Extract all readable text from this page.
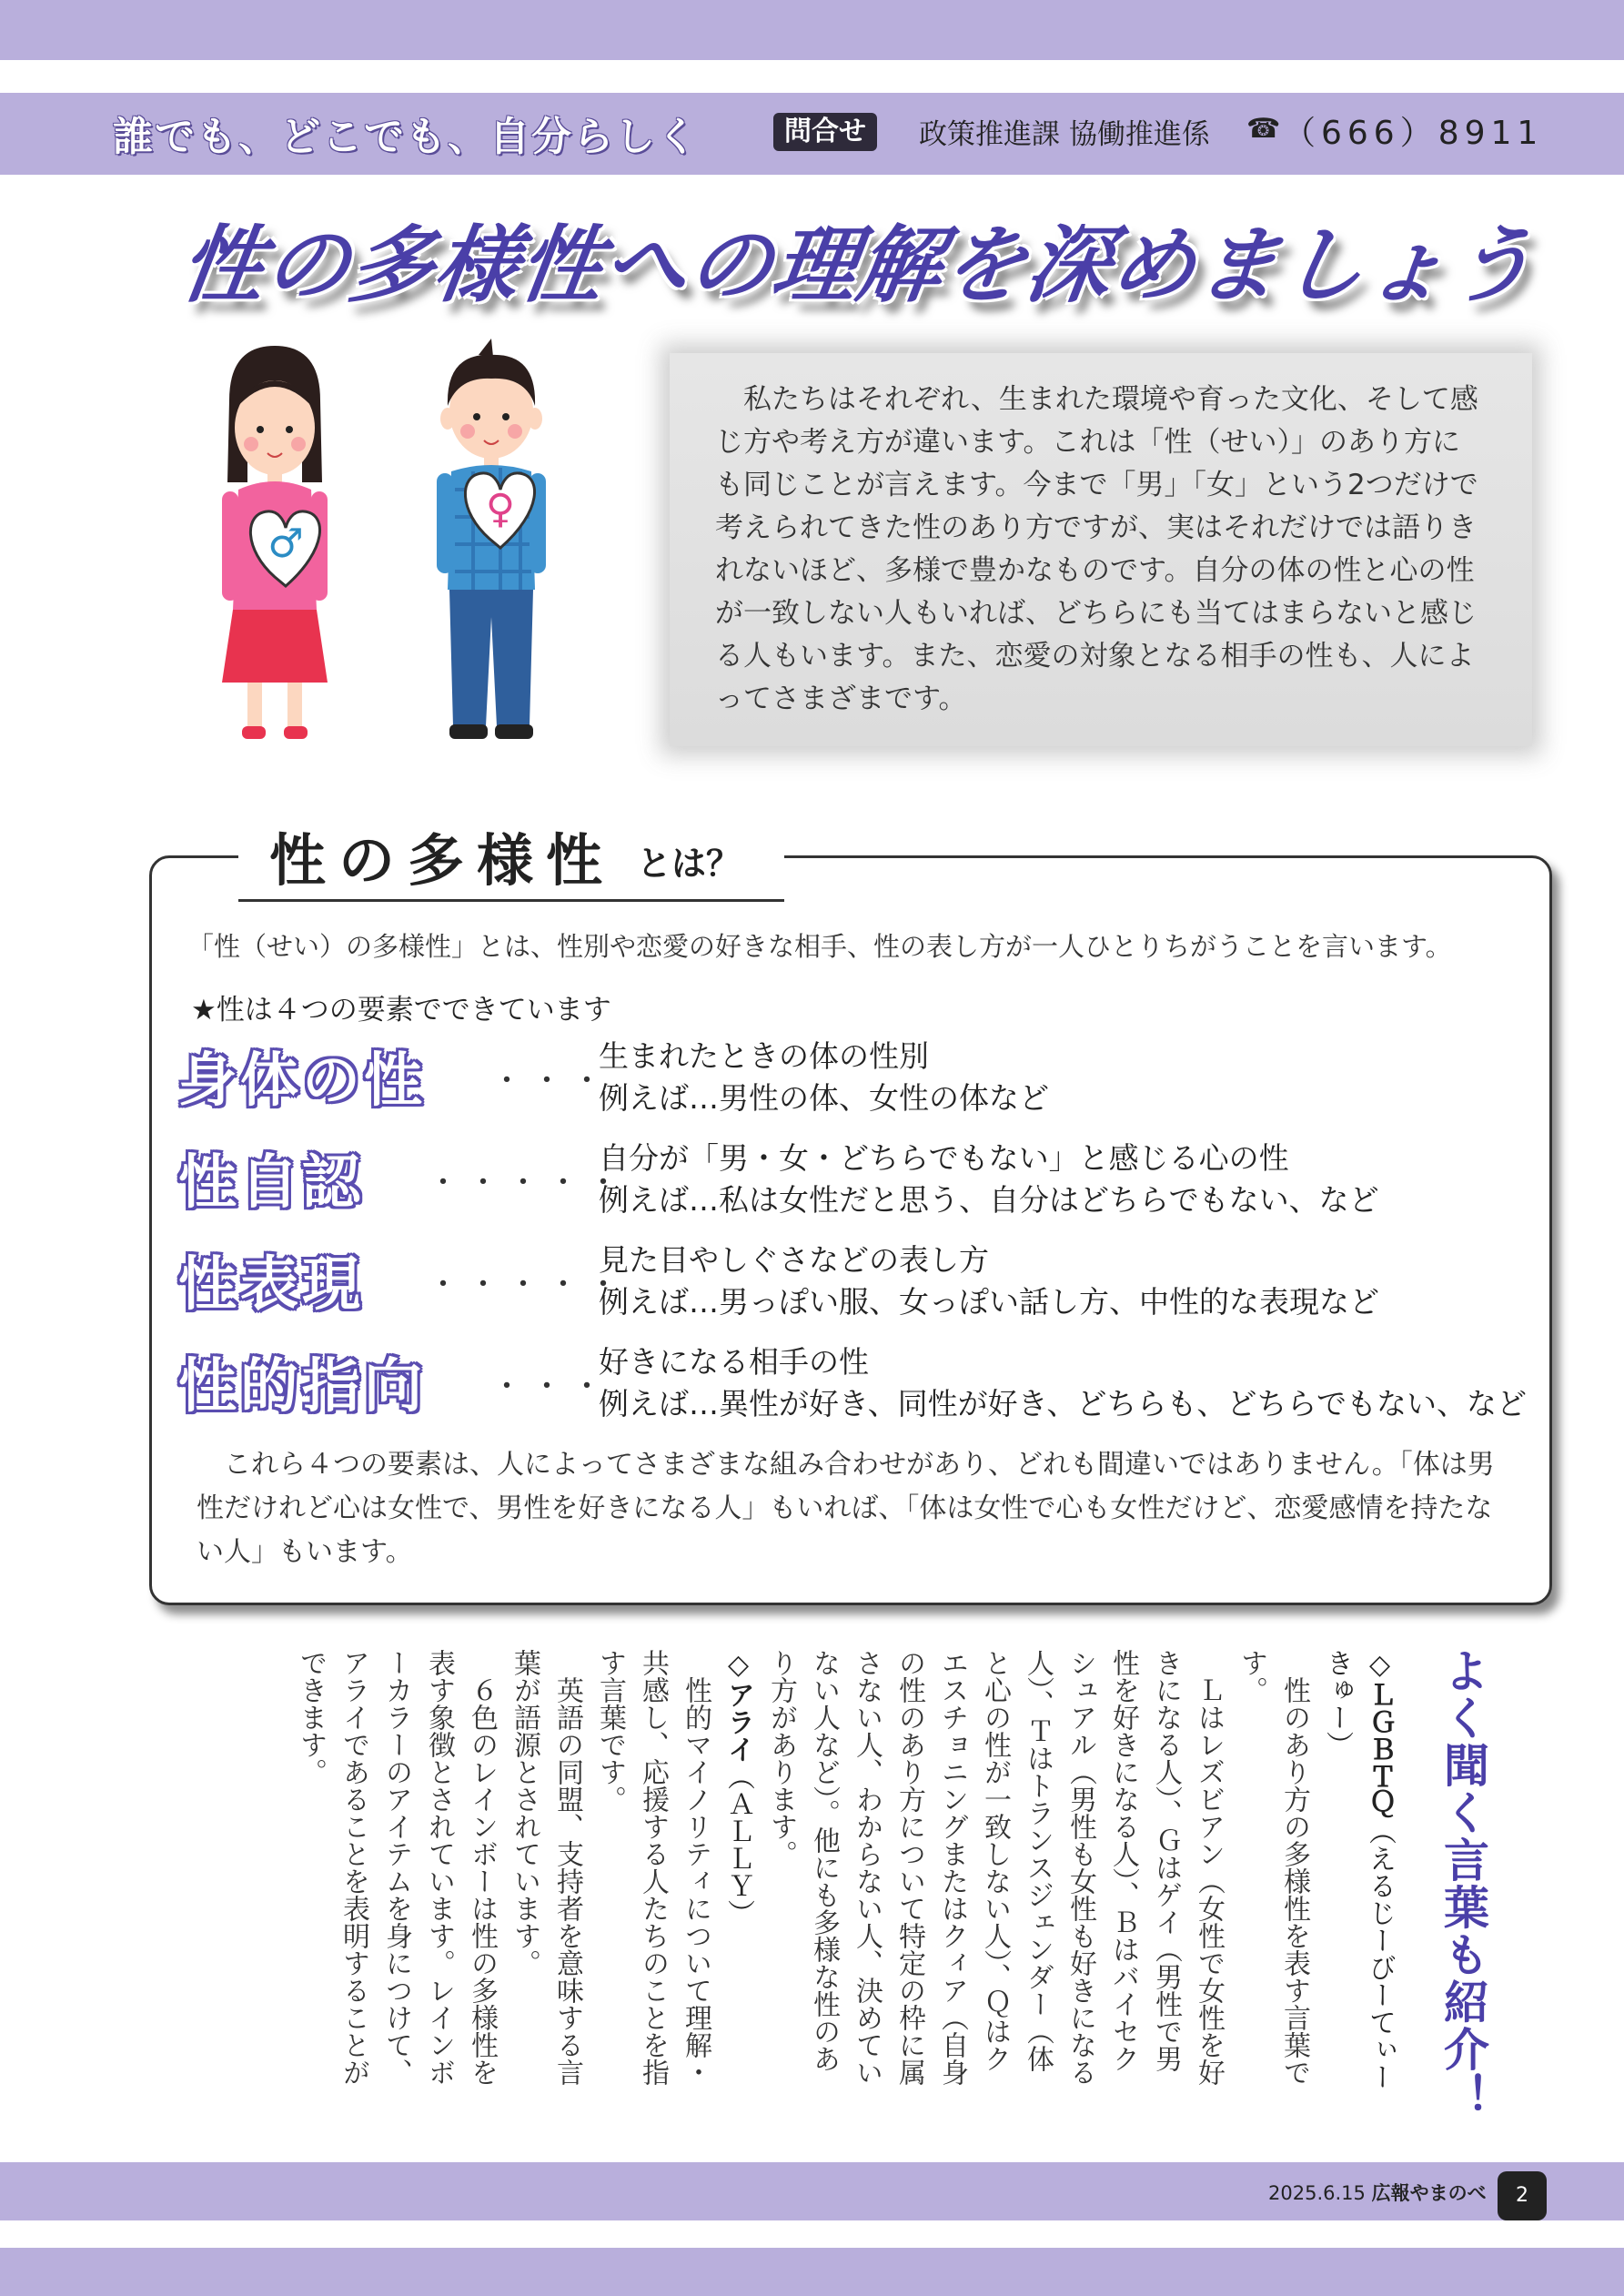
誰でも、どこでも、自分らしく	問合せ	政策推進課 協働推進係 ☎ （666）8911
性の多様性への理解を深めましょう
♂
♀

私たちはそれぞれ、生まれた環境や育った文化、そして感じ方や考え方が違います。これは「性（せい）」のあり方にも同じことが言えます。今まで「男」「女」という2つだけで考えられてきた性のあり方ですが、実はそれだけでは語りきれないほど、多様で豊かなものです。自分の体の性と心の性が一致しない人もいれば、どちらにも当てはまらないと感じる人もいます。また、恋愛の対象となる相手の性も、人によってさまざまです。

性の多様性 とは？
「性（せい）の多様性」とは、性別や恋愛の好きな相手、性の表し方が一人ひとりちがうことを言います。
★性は４つの要素でできています
身体の性 ・・・
生まれたときの体の性別
例えば…男性の体、女性の体など
性自認 ・・・・・
自分が「男・女・どちらでもない」と感じる心の性
例えば…私は女性だと思う、自分はどちらでもない、など
性表現 ・・・・・
見た目やしぐさなどの表し方
例えば…男っぽい服、女っぽい話し方、中性的な表現など
性的指向 ・・・
好きになる相手の性
例えば…異性が好き、同性が好き、どちらも、どちらでもない、など

これら４つの要素は、人によってさまざまな組み合わせがあり、どれも間違いではありません。「体は男性だけれど心は女性で、男性を好きになる人」もいれば、「体は女性で心も女性だけど、恋愛感情を持たない人」もいます。

よく聞く言葉も紹介！

◇ＬＧＢＴＱ（えるじーびーてぃーきゅー）

性のあり方の多様性を表す言葉です。

Ｌはレズビアン（女性で女性を好きになる人）、Ｇはゲイ（男性で男性を好きになる人）、Ｂはバイセクシュアル（男性も女性も好きになる人）、Ｔはトランスジェンダー（体と心の性が一致しない人）、Ｑはクエスチョニングまたはクィア（自身の性のあり方について特定の枠に属さない人、わからない人、決めていない人など）。他にも多様な性のあり方があります。

◇アライ（ＡＬＬＹ）

性的マイノリティについて理解・共感し、応援する人たちのことを指す言葉です。

英語の同盟、支持者を意味する言葉が語源とされています。

６色のレインボーは性の多様性を表す象徴とされています。レインボーカラーのアイテムを身につけて、アライであることを表明することができます。

2025.6.15 広報やまのべ	2
